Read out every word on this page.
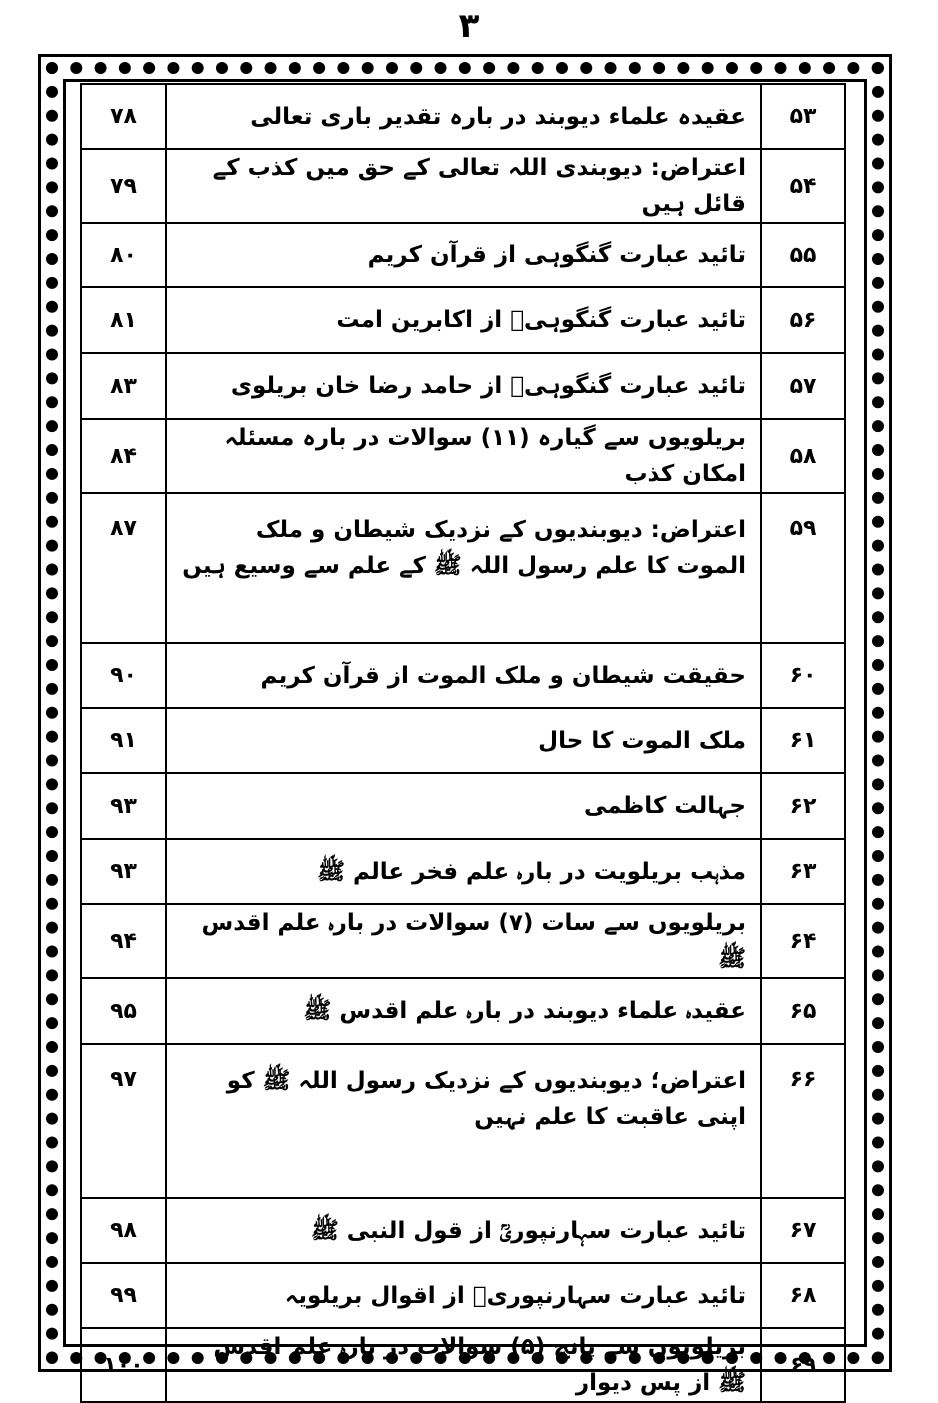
۳
۷۸	عقیدہ علماء دیوبند در بارہ تقدیر باری تعالی	۵۳
۷۹	اعتراض: دیوبندی اللہ تعالی کے حق میں کذب کے قائل ہیں	۵۴
۸۰	تائید عبارت گنگوہی از قرآن کریم	۵۵
۸۱	تائید عبارت گنگوہیؒ از اکابرین امت	۵۶
۸۳	تائید عبارت گنگوہیؒ از حامد رضا خان بریلوی	۵۷
۸۴	بریلویوں سے گیارہ (۱۱) سوالات در بارہ مسئلہ امکان کذب	۵۸
۸۷	اعتراض: دیوبندیوں کے نزدیک شیطان و ملک الموت کا علم رسول اللہ ﷺ کے علم سے وسیع ہیں	۵۹
۹۰	حقیقت شیطان و ملک الموت از قرآن کریم	۶۰
۹۱	ملک الموت کا حال	۶۱
۹۳	جہالت کاظمی	۶۲
۹۳	مذہب بریلویت در بارہ علم فخر عالم ﷺ	۶۳
۹۴	بریلویوں سے سات (۷) سوالات در بارہ علم اقدس ﷺ	۶۴
۹۵	عقیدہ علماء دیوبند در بارہ علم اقدس ﷺ	۶۵
۹۷	اعتراض؛ دیوبندیوں کے نزدیک رسول اللہ ﷺ کو اپنی عاقبت کا علم نہیں	۶۶
۹۸	تائید عبارت سہارنپوریؒ از قول النبی ﷺ	۶۷
۹۹	تائید عبارت سہارنپوریؒ از اقوال بریلویہ	۶۸
۱۰۰	بریلویوں سے پانچ (۵) سوالات در بارہ علم اقدس ﷺ از پس دیوار	۶۹
